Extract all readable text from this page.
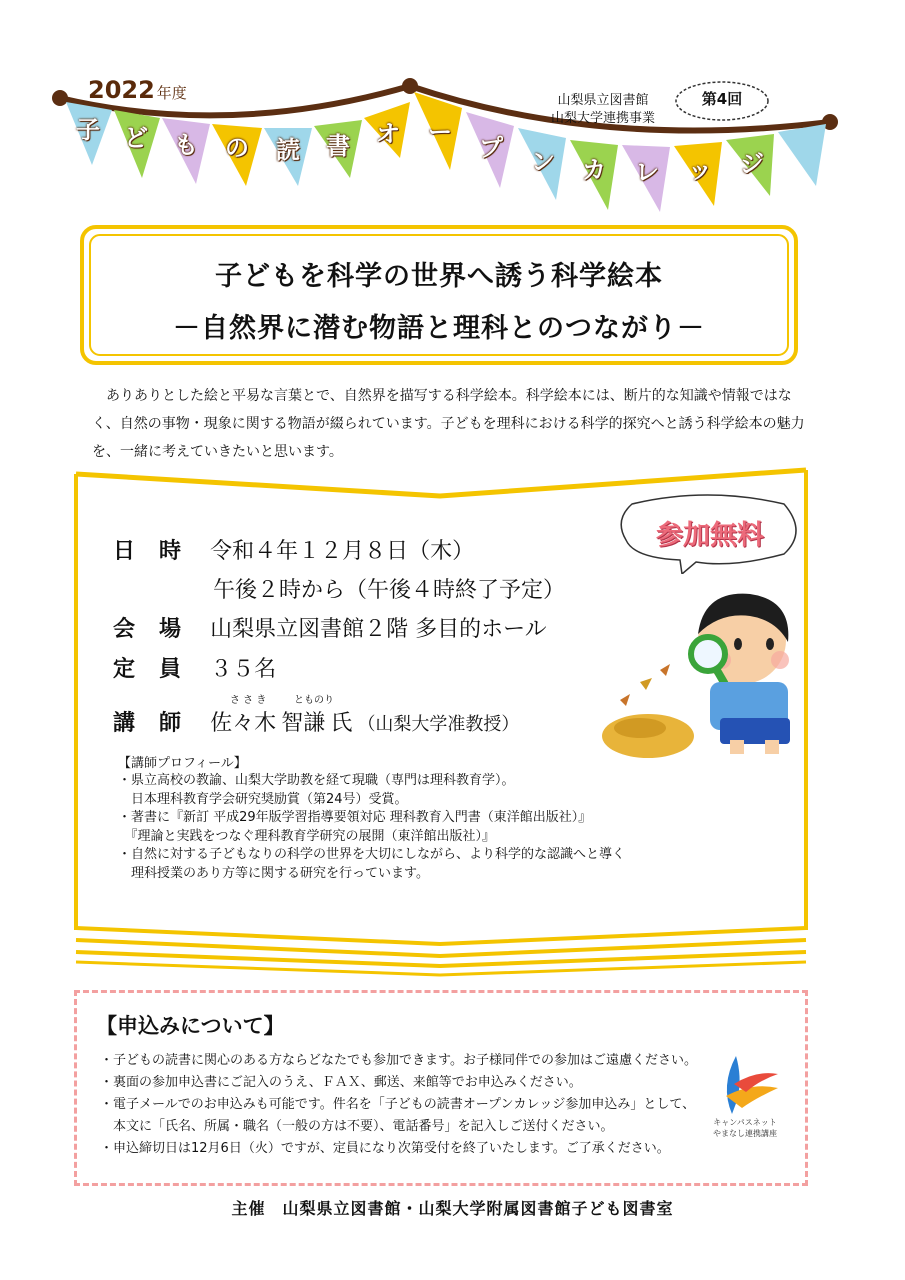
子 ど も の 読 書 オ ー
プ ン カ レ ッ ジ
2022 年度	山梨県立図書館
山梨大学連携事業
第4回
子どもを科学の世界へ誘う科学絵本
－自然界に潜む物語と理科とのつながり－
ありありとした絵と平易な言葉とで、自然界を描写する科学絵本。科学絵本には、断片的な知識や情報ではなく、自然の事物・現象に関する物語が綴られています。子どもを理科における科学的探究へと誘う科学絵本の魅力を、一緒に考えていきたいと思います。
日時 令和４年１２月８日（木）
午後２時から（午後４時終了予定）
会場 山梨県立図書館２階 多目的ホール
定員 ３５名
さ さ き	とものり
講師 佐々木 智謙 氏 （山梨大学准教授）
参加無料
【講師プロフィール】
・県立高校の教諭、山梨大学助教を経て現職（専門は理科教育学）。
　日本理科教育学会研究奨励賞（第24号）受賞。
・著書に『新訂 平成29年版学習指導要領対応 理科教育入門書（東洋館出版社）』
　『理論と実践をつなぐ理科教育学研究の展開（東洋館出版社）』
・自然に対する子どもなりの科学の世界を大切にしながら、より科学的な認識へと導く
　理科授業のあり方等に関する研究を行っています。
【申込みについて】
・子どもの読書に関心のある方ならどなたでも参加できます。お子様同伴での参加はご遠慮ください。
・裏面の参加申込書にご記入のうえ、ＦＡＸ、郵送、来館等でお申込みください。
・電子メールでのお申込みも可能です。件名を「子どもの読書オープンカレッジ参加申込み」として、
　本文に「氏名、所属・職名（一般の方は不要）、電話番号」を記入しご送付ください。
・申込締切日は12月6日（火）ですが、定員になり次第受付を終了いたします。ご了承ください。
キャンパスネット
やまなし連携講座
主催　山梨県立図書館・山梨大学附属図書館子ども図書室
